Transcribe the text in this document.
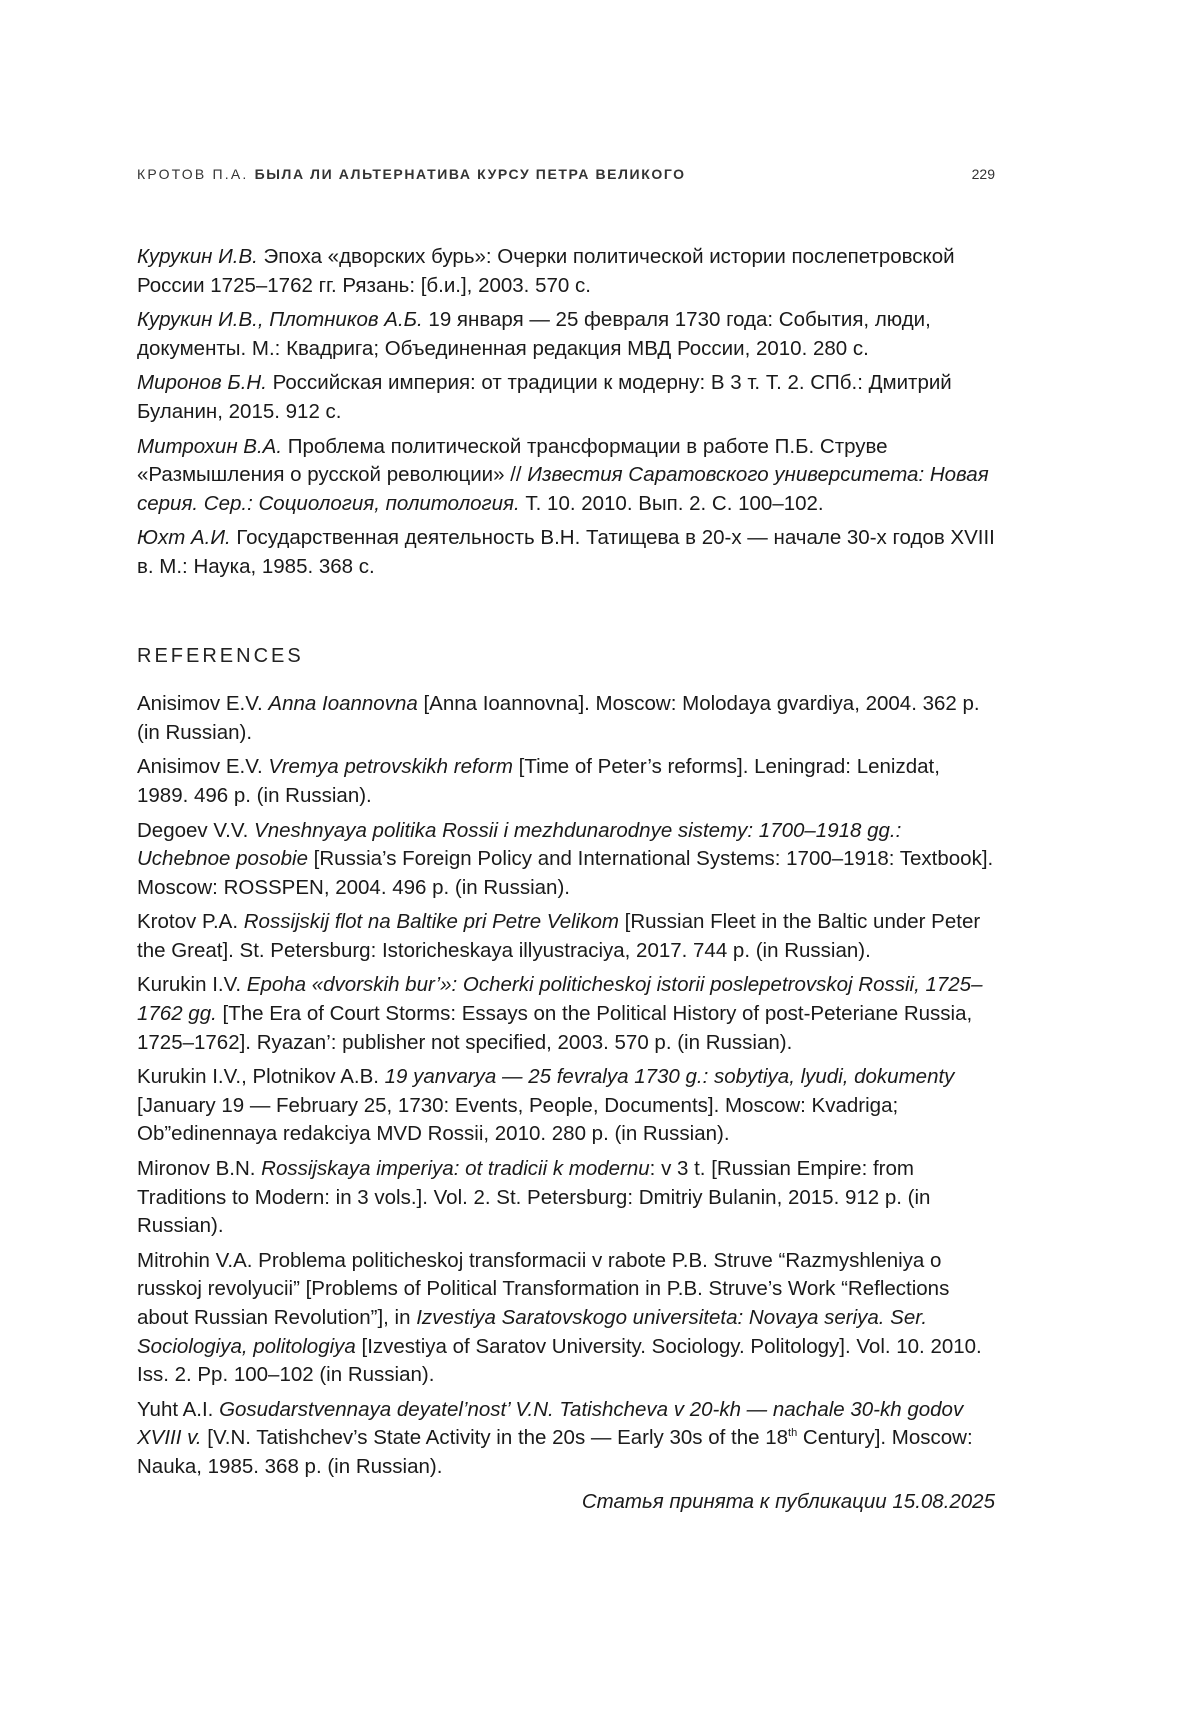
КРОТОВ П.А. БЫЛА ЛИ АЛЬТЕРНАТИВА КУРСУ ПЕТРА ВЕЛИКОГО	229

Курукин И.В. Эпоха «дворских бурь»: Очерки политической истории послепетровской России 1725–1762 гг. Рязань: [б.и.], 2003. 570 с.

Курукин И.В., Плотников А.Б. 19 января — 25 февраля 1730 года: События, люди, документы. М.: Квадрига; Объединенная редакция МВД России, 2010. 280 с.

Миронов Б.Н. Российская империя: от традиции к модерну: В 3 т. Т. 2. СПб.: Дмитрий Буланин, 2015. 912 с.

Митрохин В.А. Проблема политической трансформации в работе П.Б. Струве «Размышления о русской революции» // Известия Саратовского университета: Новая серия. Сер.: Социология, политология. Т. 10. 2010. Вып. 2. С. 100–102.

Юхт А.И. Государственная деятельность В.Н. Татищева в 20-х — начале 30-х годов XVIII в. М.: Наука, 1985. 368 с.

REFERENCES

Anisimov E.V. Anna Ioannovna [Anna Ioannovna]. Moscow: Molodaya gvardiya, 2004. 362 p. (in Russian).

Anisimov E.V. Vremya petrovskikh reform [Time of Peter’s reforms]. Leningrad: Lenizdat, 1989. 496 p. (in Russian).

Degoev V.V. Vneshnyaya politika Rossii i mezhdunarodnye sistemy: 1700–1918 gg.: Uchebnoe posobie [Russia’s Foreign Policy and International Systems: 1700–1918: Textbook]. Moscow: ROSSPEN, 2004. 496 p. (in Russian).

Krotov P.A. Rossijskij flot na Baltike pri Petre Velikom [Russian Fleet in the Baltic under Peter the Great]. St. Petersburg: Istoricheskaya illyustraciya, 2017. 744 p. (in Russian).

Kurukin I.V. Epoha «dvorskih bur’»: Ocherki politicheskoj istorii poslepetrovskoj Rossii, 1725–1762 gg. [The Era of Court Storms: Essays on the Political History of post-Peteriane Russia, 1725–1762]. Ryazan’: publisher not specified, 2003. 570 p. (in Russian).

Kurukin I.V., Plotnikov A.B. 19 yanvarya — 25 fevralya 1730 g.: sobytiya, lyudi, dokumenty [January 19 — February 25, 1730: Events, People, Documents]. Moscow: Kvadriga; Ob”edinennaya redakciya MVD Rossii, 2010. 280 p. (in Russian).

Mironov B.N. Rossijskaya imperiya: ot tradicii k modernu: v 3 t. [Russian Empire: from Traditions to Modern: in 3 vols.]. Vol. 2. St. Petersburg: Dmitriy Bulanin, 2015. 912 p. (in Russian).

Mitrohin V.A. Problema politicheskoj transformacii v rabote P.B. Struve “Razmyshleniya o russkoj revolyucii” [Problems of Political Transformation in P.B. Struve’s Work “Reflections about Russian Revolution”], in Izvestiya Saratovskogo universiteta: Novaya seriya. Ser. Sociologiya, politologiya [Izvestiya of Saratov University. Sociology. Politology]. Vol. 10. 2010. Iss. 2. Pp. 100–102 (in Russian).

Yuht A.I. Gosudarstvennaya deyatel’nost’ V.N. Tatishcheva v 20-kh — nachale 30-kh godov XVIII v. [V.N. Tatishchev’s State Activity in the 20s — Early 30s of the 18th Century]. Moscow: Nauka, 1985. 368 p. (in Russian).

Статья принята к публикации 15.08.2025
